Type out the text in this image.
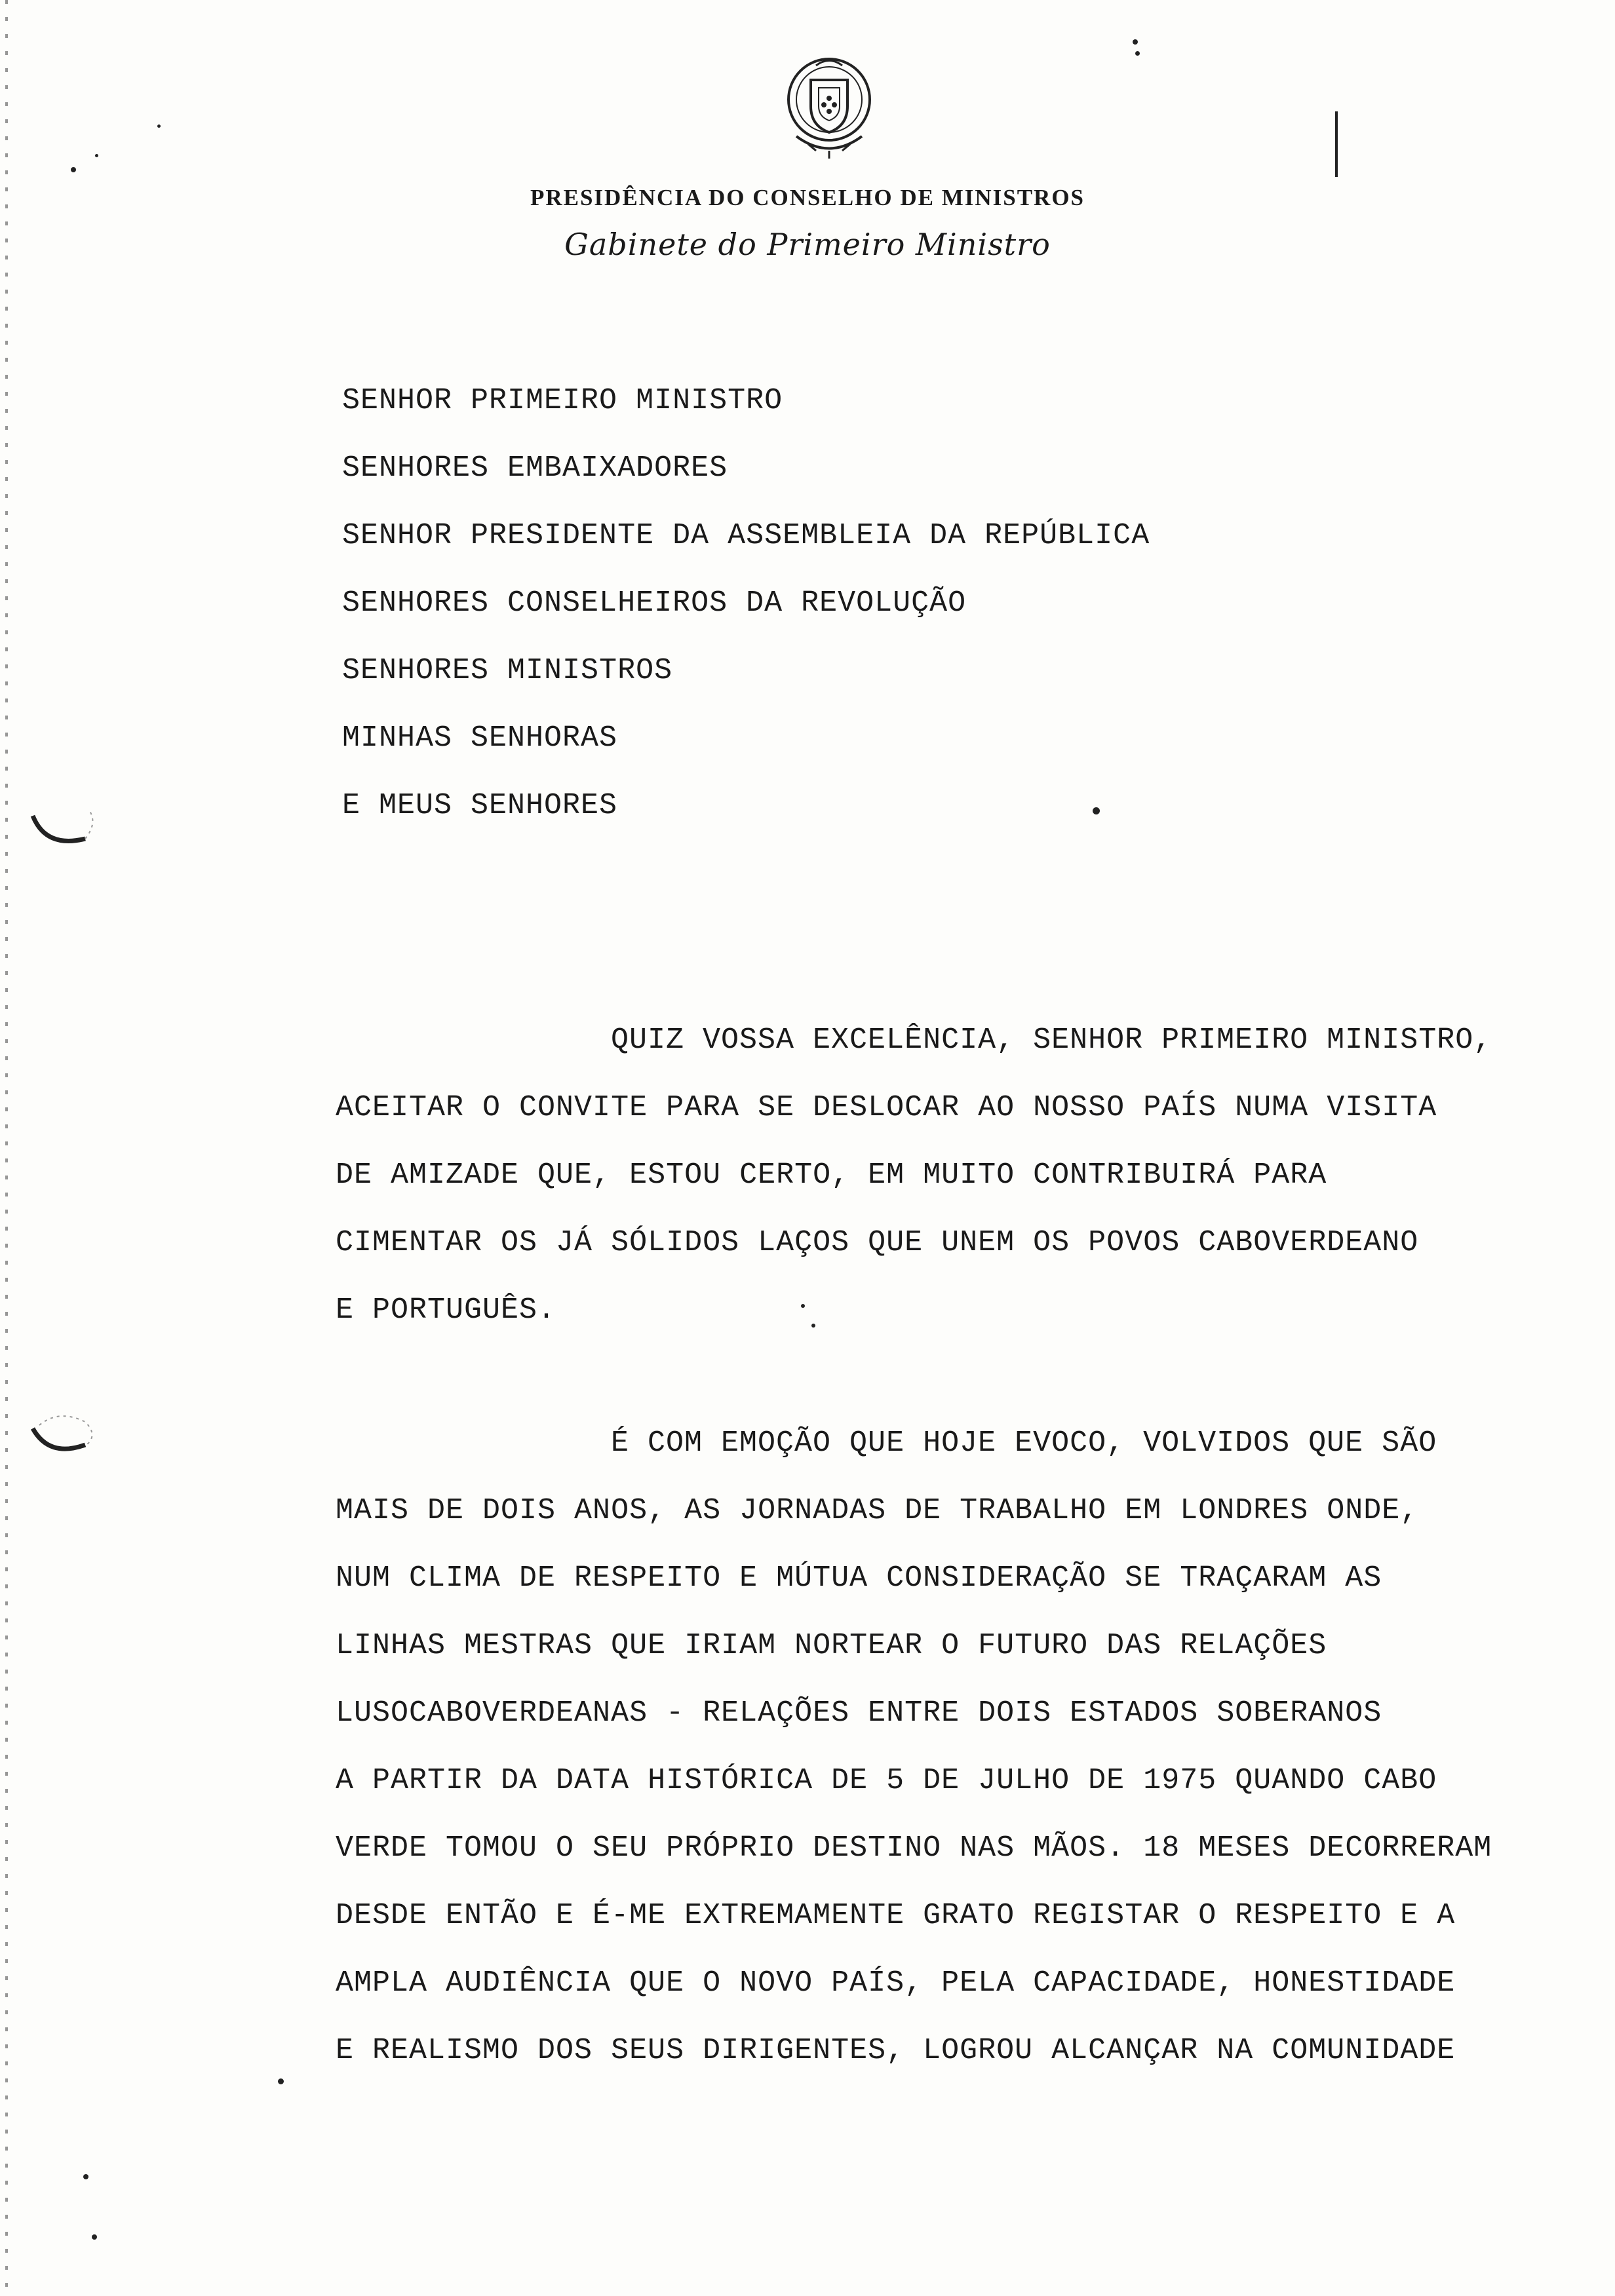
PRESIDÊNCIA DO CONSELHO DE MINISTROS
Gabinete do Primeiro Ministro
SENHOR PRIMEIRO MINISTRO
SENHORES EMBAIXADORES
SENHOR PRESIDENTE DA ASSEMBLEIA DA REPÚBLICA
SENHORES CONSELHEIROS DA REVOLUÇÃO
SENHORES MINISTROS
MINHAS SENHORAS
E MEUS SENHORES
QUIZ VOSSA EXCELÊNCIA, SENHOR PRIMEIRO MINISTRO,
ACEITAR O CONVITE PARA SE DESLOCAR AO NOSSO PAÍS NUMA VISITA
DE AMIZADE QUE, ESTOU CERTO, EM MUITO CONTRIBUIRÁ PARA
CIMENTAR OS JÁ SÓLIDOS LAÇOS QUE UNEM OS POVOS CABOVERDEANO
E PORTUGUÊS.
É COM EMOÇÃO QUE HOJE EVOCO, VOLVIDOS QUE SÃO
MAIS DE DOIS ANOS, AS JORNADAS DE TRABALHO EM LONDRES ONDE,
NUM CLIMA DE RESPEITO E MÚTUA CONSIDERAÇÃO SE TRAÇARAM AS
LINHAS MESTRAS QUE IRIAM NORTEAR O FUTURO DAS RELAÇÕES
LUSOCABOVERDEANAS - RELAÇÕES ENTRE DOIS ESTADOS SOBERANOS
A PARTIR DA DATA HISTÓRICA DE 5 DE JULHO DE 1975 QUANDO CABO
VERDE TOMOU O SEU PRÓPRIO DESTINO NAS MÃOS. 18 MESES DECORRERAM
DESDE ENTÃO E É-ME EXTREMAMENTE GRATO REGISTAR O RESPEITO E A
AMPLA AUDIÊNCIA QUE O NOVO PAÍS, PELA CAPACIDADE, HONESTIDADE
E REALISMO DOS SEUS DIRIGENTES, LOGROU ALCANÇAR NA COMUNIDADE
